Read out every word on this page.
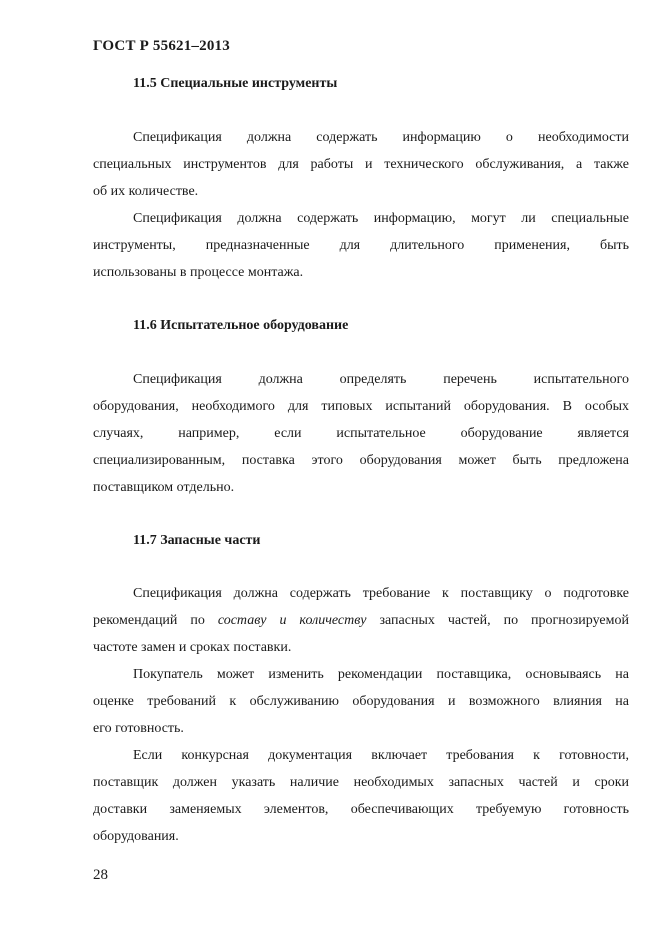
ГОСТ Р 55621–2013
11.5 Специальные инструменты
Спецификация должна содержать информацию о необходимости
специальных инструментов для работы и технического обслуживания, а также
об их количестве.
Спецификация должна содержать информацию, могут ли специальные
инструменты, предназначенные для длительного применения, быть
использованы в процессе монтажа.
11.6 Испытательное оборудование
Спецификация должна определять перечень испытательного
оборудования, необходимого для типовых испытаний оборудования. В особых
случаях, например, если испытательное оборудование является
специализированным, поставка этого оборудования может быть предложена
поставщиком отдельно.
11.7 Запасные части
Спецификация должна содержать требование к поставщику о подготовке
рекомендаций по составу и количеству запасных частей, по прогнозируемой
частоте замен и сроках поставки.
Покупатель может изменить рекомендации поставщика, основываясь на
оценке требований к обслуживанию оборудования и возможного влияния на
его готовность.
Если конкурсная документация включает требования к готовности,
поставщик должен указать наличие необходимых запасных частей и сроки
доставки заменяемых элементов, обеспечивающих требуемую готовность
оборудования.
28
